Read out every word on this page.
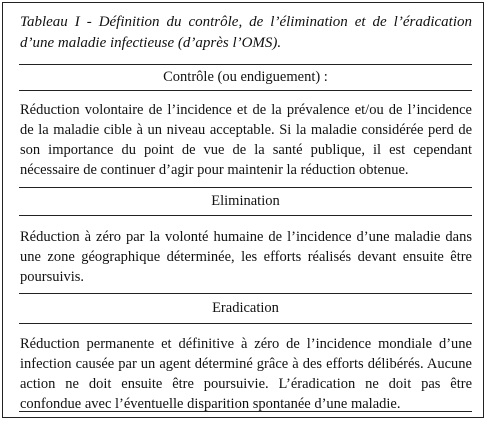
Tableau I - Définition du contrôle, de l’élimination et de l’éradication d’une maladie infectieuse (d’après l’OMS).
Contrôle (ou endiguement) :
Réduction volontaire de l’incidence et de la prévalence et/ou de l’incidence de la maladie cible à un niveau acceptable. Si la maladie considérée perd de son importance du point de vue de la santé publique, il est cependant nécessaire de continuer d’agir pour maintenir la réduction obtenue.
Elimination
Réduction à zéro par la volonté humaine de l’incidence d’une maladie dans une zone géographique déterminée, les efforts réalisés devant ensuite être poursuivis.
Eradication
Réduction permanente et définitive à zéro de l’incidence mondiale d’une infection causée par un agent déterminé grâce à des efforts délibérés. Aucune action ne doit ensuite être poursuivie. L’éradication ne doit pas être confondue avec l’éventuelle disparition spontanée d’une maladie.
